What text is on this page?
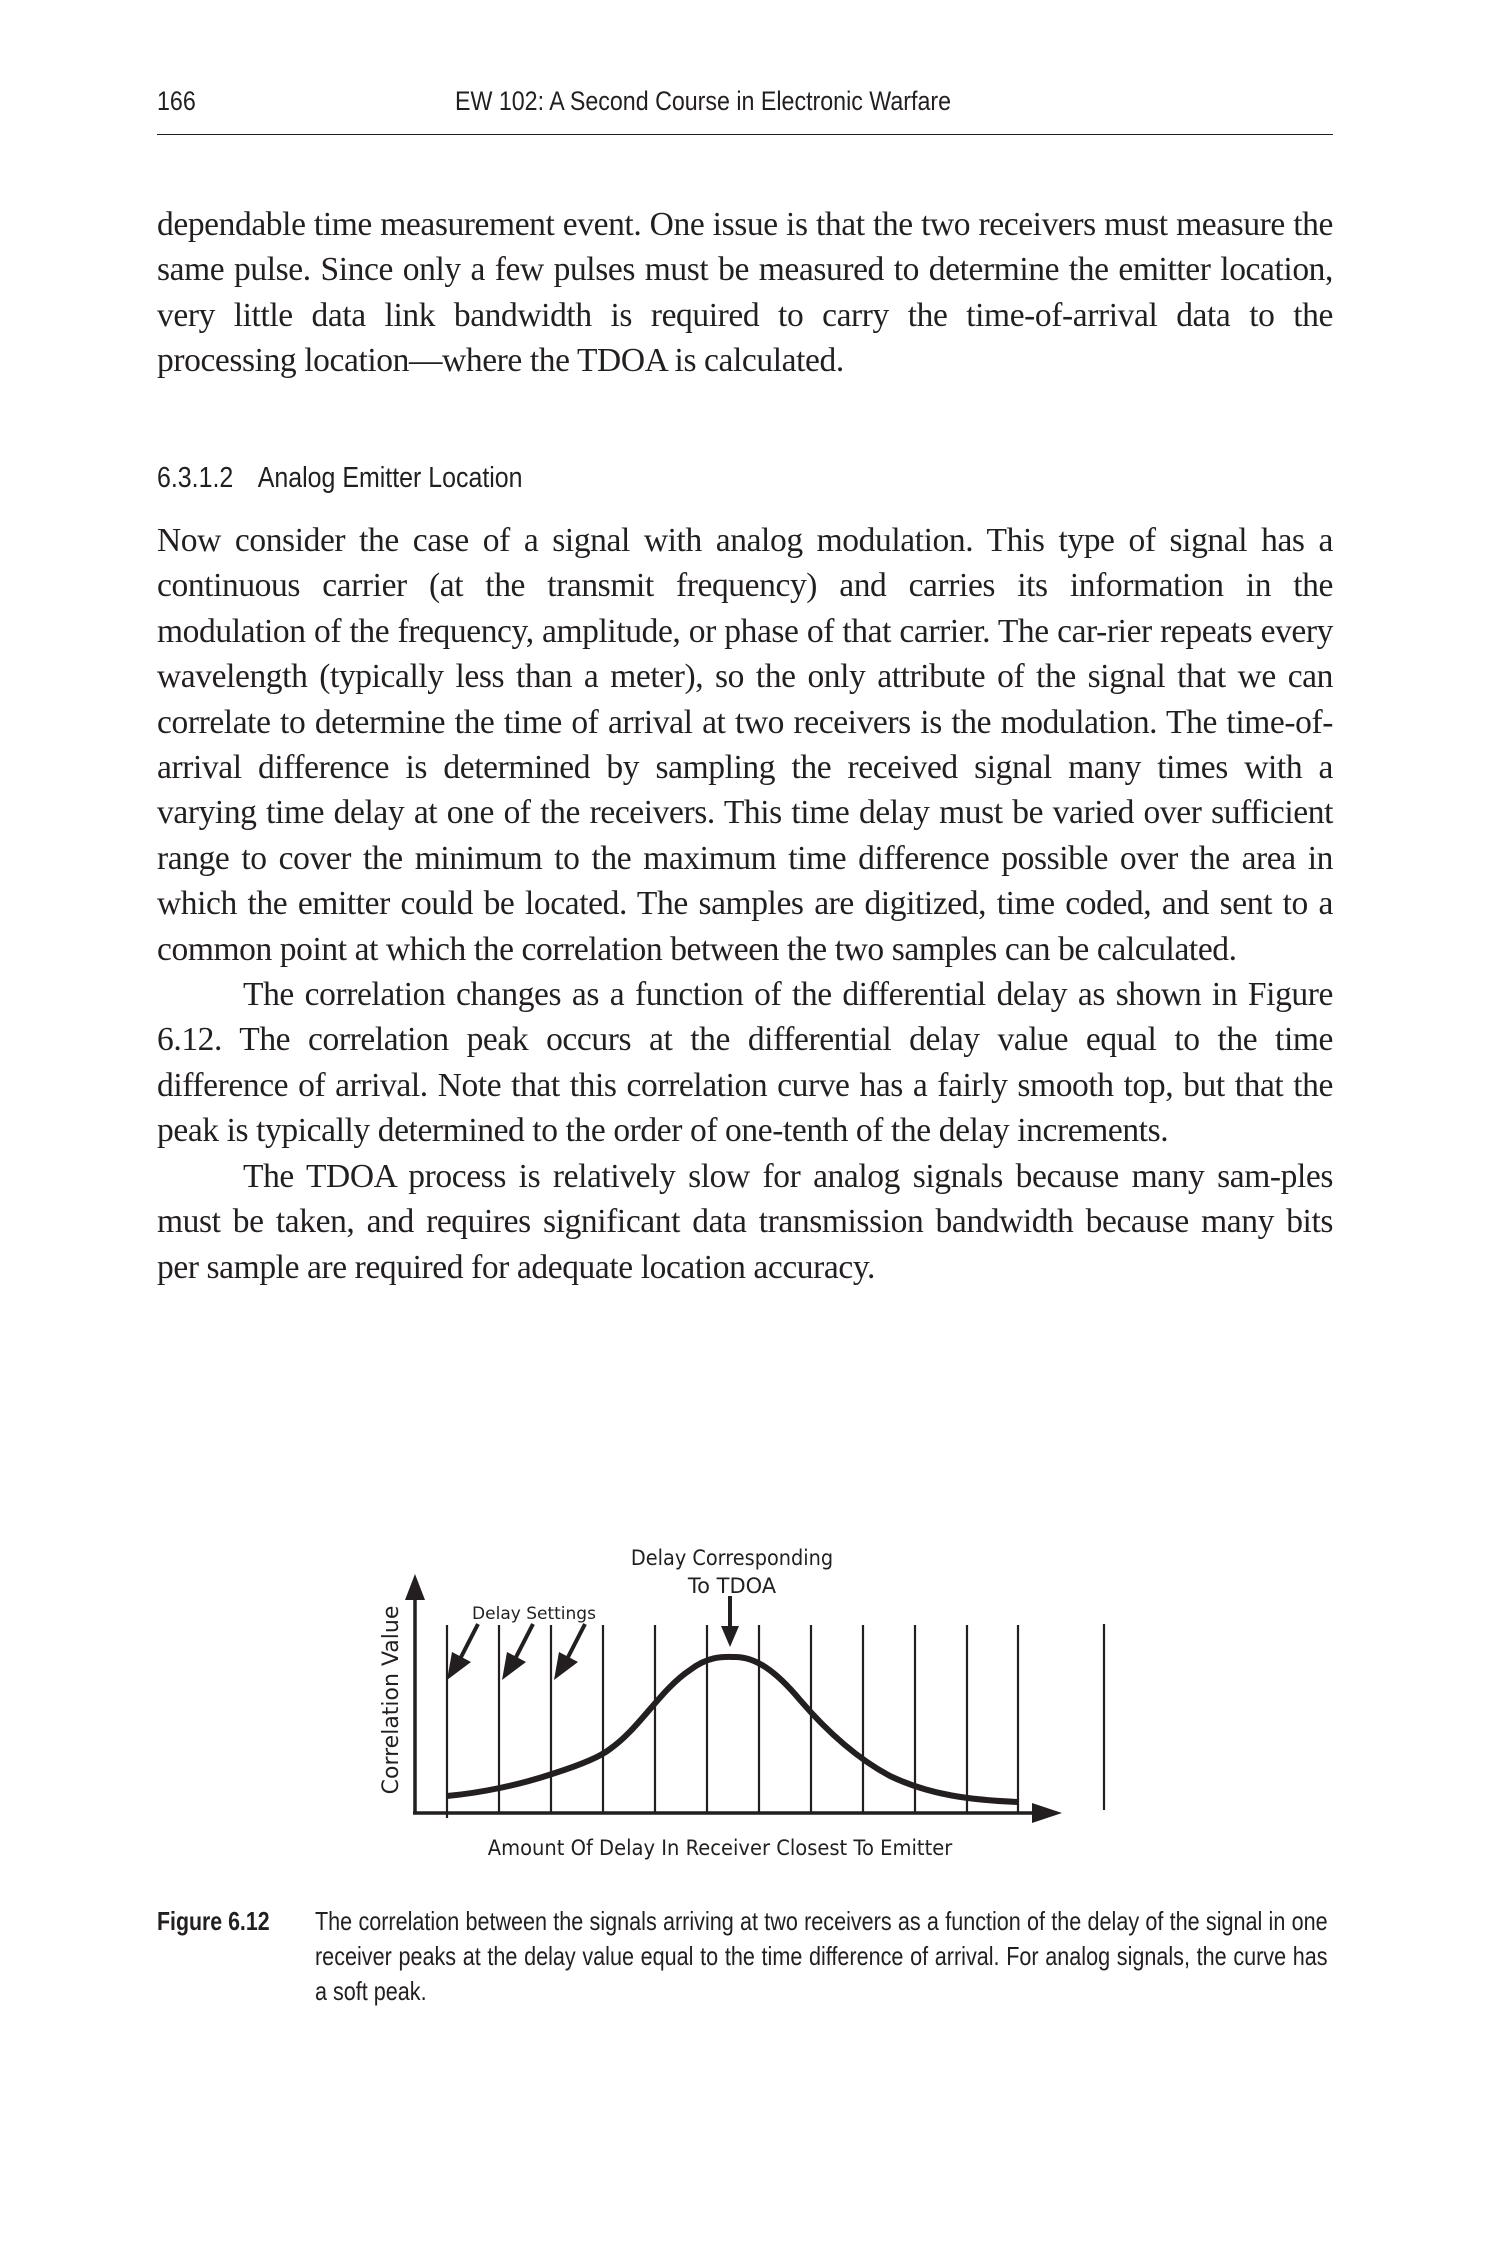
166	EW 102: A Second Course in Electronic Warfare

dependable time measurement event. One issue is that the two receivers must measure the same pulse. Since only a few pulses must be measured to determine the emitter location, very little data link bandwidth is required to carry the time-of-arrival data to the processing location—where the TDOA is calculated.

6.3.1.2 Analog Emitter Location

Now consider the case of a signal with analog modulation. This type of signal has a continuous carrier (at the transmit frequency) and carries its information in the modulation of the frequency, amplitude, or phase of that carrier. The car-rier repeats every wavelength (typically less than a meter), so the only attribute of the signal that we can correlate to determine the time of arrival at two receivers is the modulation. The time-of-arrival difference is determined by sampling the received signal many times with a varying time delay at one of the receivers. This time delay must be varied over sufficient range to cover the minimum to the maximum time difference possible over the area in which the emitter could be located. The samples are digitized, time coded, and sent to a common point at which the correlation between the two samples can be calculated.

The correlation changes as a function of the differential delay as shown in Figure 6.12. The correlation peak occurs at the differential delay value equal to the time difference of arrival. Note that this correlation curve has a fairly smooth top, but that the peak is typically determined to the order of one-tenth of the delay increments.

The TDOA process is relatively slow for analog signals because many sam-ples must be taken, and requires significant data transmission bandwidth because many bits per sample are required for adequate location accuracy.

Delay Corresponding
To TDOA
Delay Settings
Correlation Value
Amount Of Delay In Receiver Closest To Emitter
Figure 6.12 The correlation between the signals arriving at two receivers as a function of the delay of the signal in one receiver peaks at the delay value equal to the time difference of arrival. For analog signals, the curve has a soft peak.
